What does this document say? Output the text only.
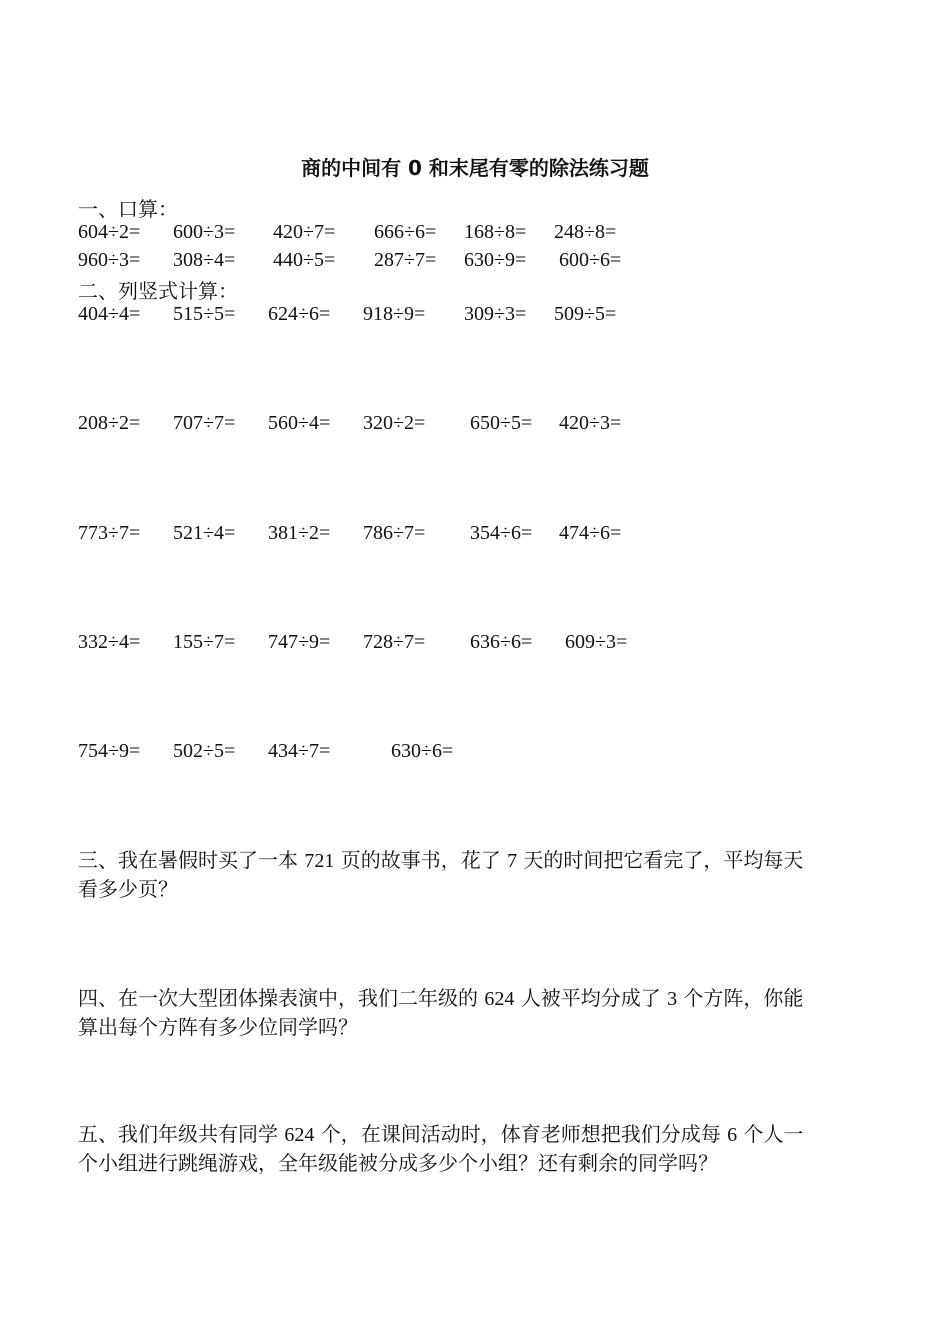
商的中间有 0 和末尾有零的除法练习题
一、口算：
604÷2= 600÷3= 420÷7= 666÷6= 168÷8= 248÷8=
960÷3= 308÷4= 440÷5= 287÷7= 630÷9= 600÷6=
二、列竖式计算：
404÷4= 515÷5= 624÷6= 918÷9= 309÷3= 509÷5=
208÷2= 707÷7= 560÷4= 320÷2= 650÷5= 420÷3=
773÷7= 521÷4= 381÷2= 786÷7= 354÷6= 474÷6=
332÷4= 155÷7= 747÷9= 728÷7= 636÷6= 609÷3=
754÷9= 502÷5= 434÷7=	630÷6=
三、我在暑假时买了一本 721 页的故事书，花了 7 天的时间把它看完了，平均每天
看多少页？
四、在一次大型团体操表演中，我们二年级的 624 人被平均分成了 3 个方阵，你能
算出每个方阵有多少位同学吗？
五、我们年级共有同学 624 个，在课间活动时，体育老师想把我们分成每 6 个人一
个小组进行跳绳游戏，全年级能被分成多少个小组？还有剩余的同学吗？
